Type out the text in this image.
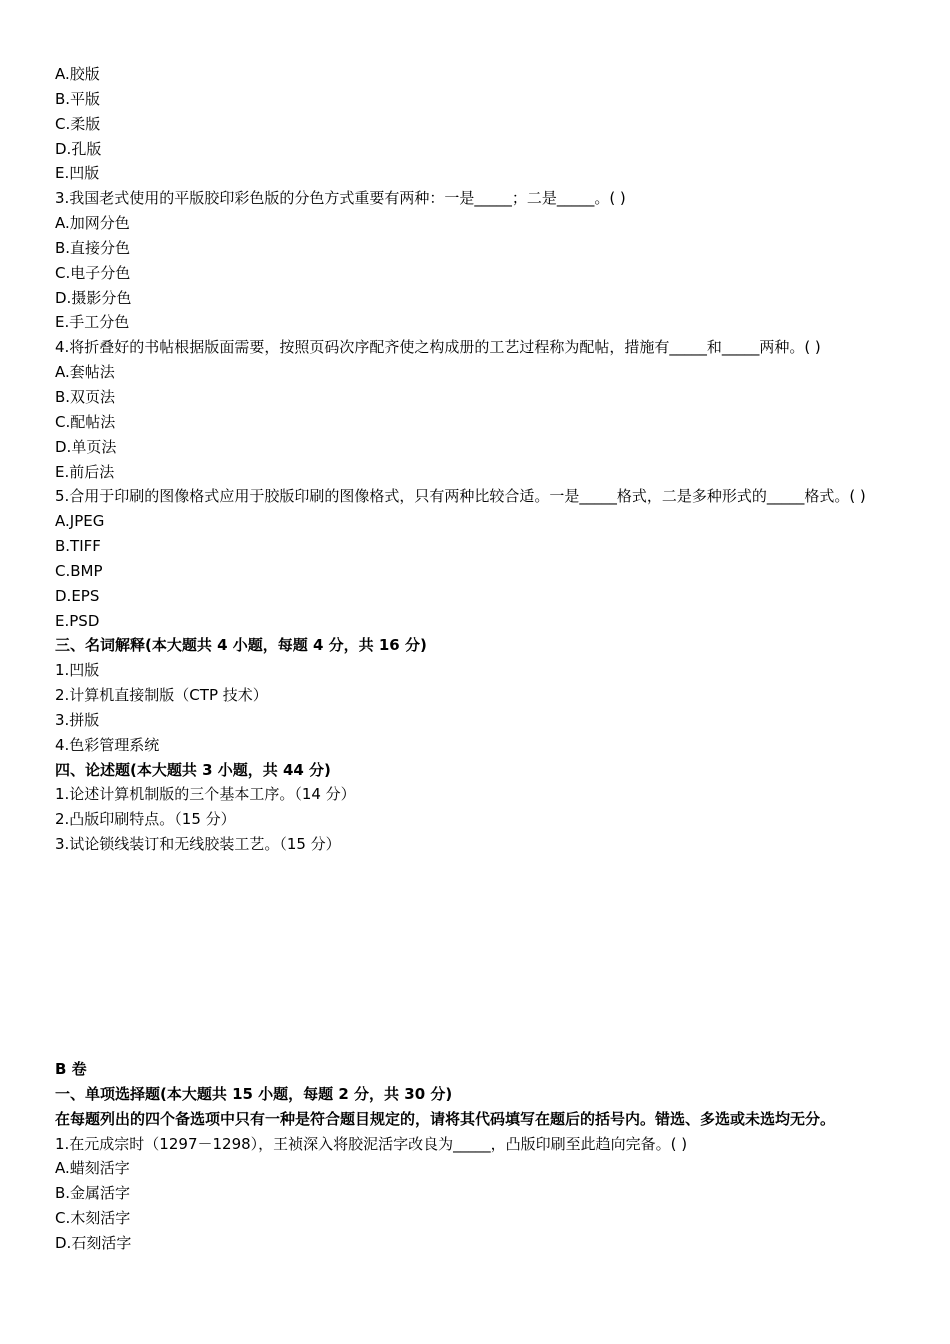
A.胶版
B.平版
C.柔版
D.孔版
E.凹版
3.我国老式使用的平版胶印彩色版的分色方式重要有两种：一是_____；二是_____。( )
A.加网分色
B.直接分色
C.电子分色
D.摄影分色
E.手工分色
4.将折叠好的书帖根据版面需要，按照页码次序配齐使之构成册的工艺过程称为配帖，措施有_____和_____两种。( )
A.套帖法
B.双页法
C.配帖法
D.单页法
E.前后法
5.合用于印刷的图像格式应用于胶版印刷的图像格式，只有两种比较合适。一是_____格式，二是多种形式的_____格式。( )
A.JPEG
B.TIFF
C.BMP
D.EPS
E.PSD
三、名词解释(本大题共 4 小题，每题 4 分，共 16 分)
1.凹版
2.计算机直接制版（CTP 技术）
3.拼版
4.色彩管理系统
四、论述题(本大题共 3 小题，共 44 分)
1.论述计算机制版的三个基本工序。（14 分）
2.凸版印刷特点。（15 分）
3.试论锁线装订和无线胶装工艺。（15 分）
B 卷
一、单项选择题(本大题共 15 小题，每题 2 分，共 30 分)
在每题列出的四个备选项中只有一种是符合题目规定的，请将其代码填写在题后的括号内。错选、多选或未选均无分。
1.在元成宗时（1297－1298），王祯深入将胶泥活字改良为_____，凸版印刷至此趋向完备。( )
A.蜡刻活字
B.金属活字
C.木刻活字
D.石刻活字
